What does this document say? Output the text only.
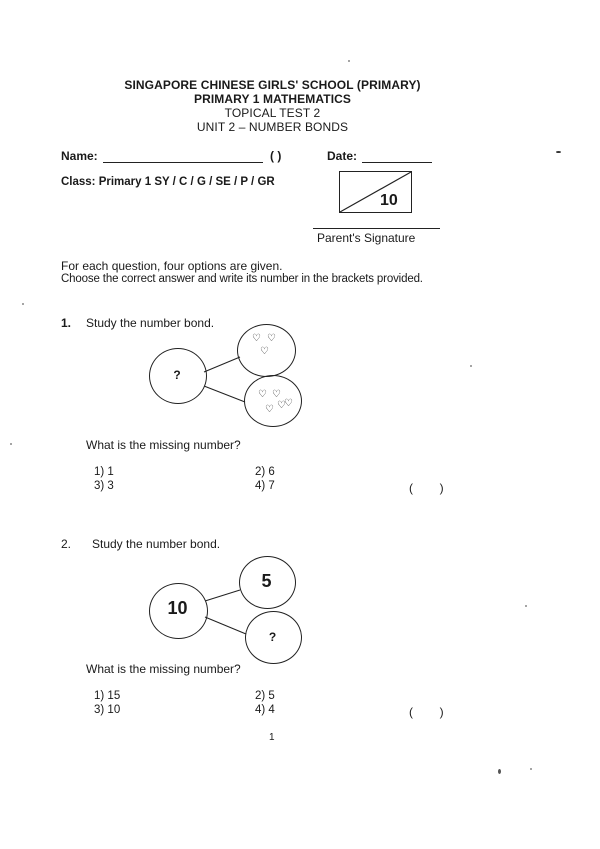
SINGAPORE CHINESE GIRLS' SCHOOL (PRIMARY)
PRIMARY 1 MATHEMATICS
TOPICAL TEST 2
UNIT 2 – NUMBER BONDS
Name:	( )	Date:
Class: Primary 1 SY / C / G / SE / P / GR
10
Parent's Signature
For each question, four options are given.
Choose the correct answer and write its number in the brackets provided.
1. Study the number bond.
?
♡ ♡
♡
♡ ♡
♡
♡
♡
What is the missing number?
1) 1	2) 6
3) 3	4) 7	(        )
2. Study the number bond.
10
5
?
What is the missing number?
1) 15	2) 5
3) 10	4) 4	(        )
1
